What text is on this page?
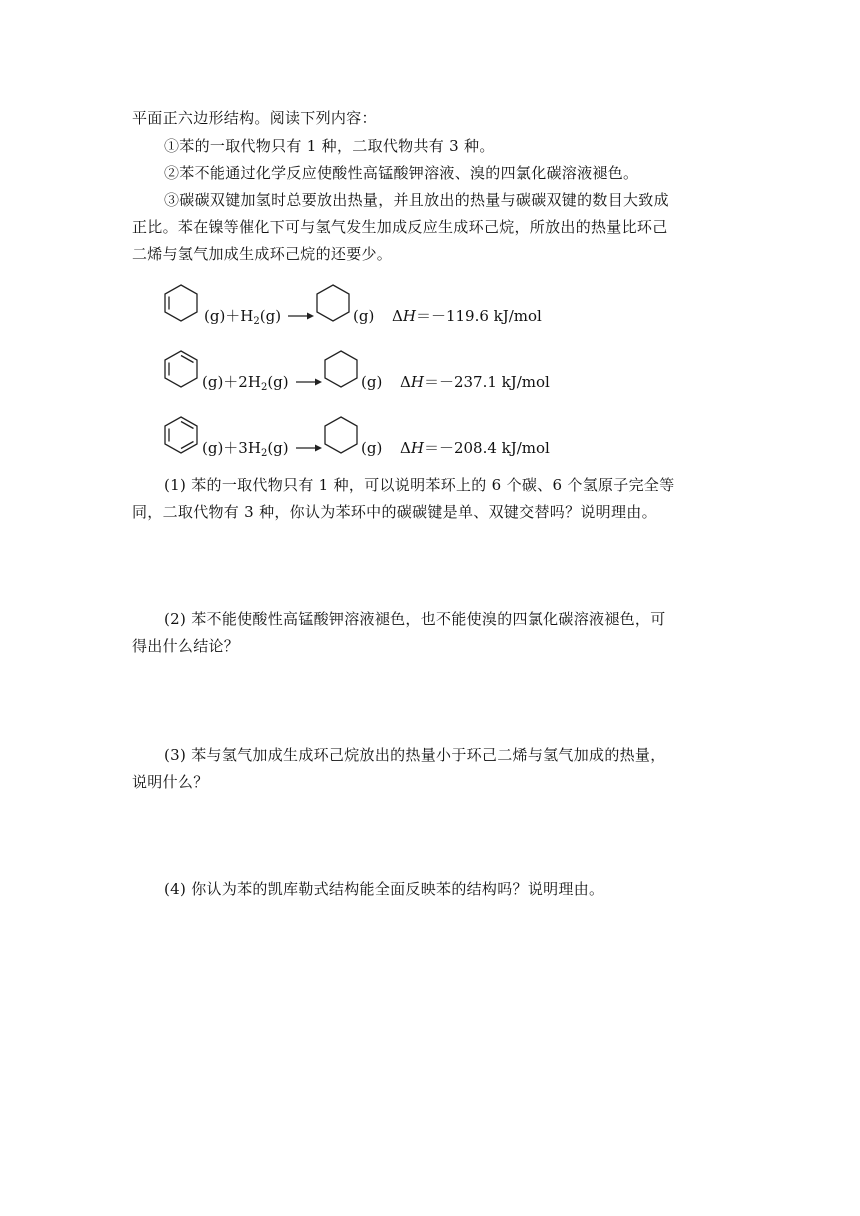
平面正六边形结构。阅读下列内容：
①苯的一取代物只有 1 种，二取代物共有 3 种。
②苯不能通过化学反应使酸性高锰酸钾溶液、溴的四氯化碳溶液褪色。
③碳碳双键加氢时总要放出热量，并且放出的热量与碳碳双键的数目大致成
正比。苯在镍等催化下可与氢气发生加成反应生成环己烷，所放出的热量比环己
二烯与氢气加成生成环己烷的还要少。
$(g)+H_2(g)$ →	(g) ΔH＝－119.6 kJ/mol
$(g)+2H_2(g)$ →	(g) ΔH＝－237.1 kJ/mol
$(g)+3H_2(g)$ →	(g) ΔH＝－208.4 kJ/mol
(1) 苯的一取代物只有 1 种，可以说明苯环上的 6 个碳、6 个氢原子完全等
同，二取代物有 3 种，你认为苯环中的碳碳键是单、双键交替吗？说明理由。
(2) 苯不能使酸性高锰酸钾溶液褪色，也不能使溴的四氯化碳溶液褪色，可
得出什么结论？
(3) 苯与氢气加成生成环己烷放出的热量小于环己二烯与氢气加成的热量，
说明什么？
(4) 你认为苯的凯库勒式结构能全面反映苯的结构吗？说明理由。
